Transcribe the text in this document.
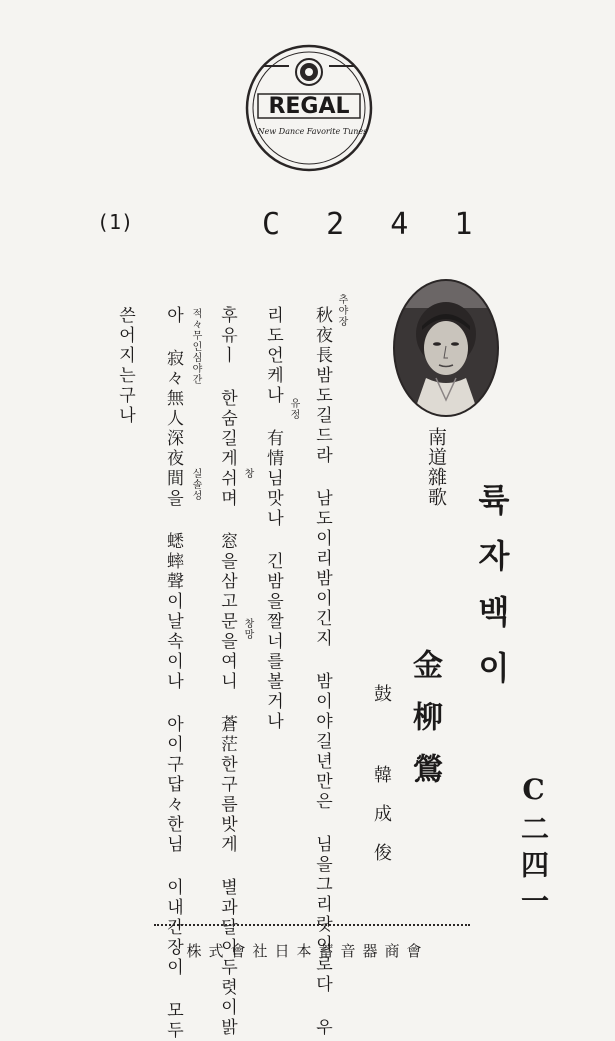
REGAL
New Dance Favorite Tunes
(1)	C 2 4 1
南道雜歌
륙자백이
金柳鶯
鼓 韓成俊	C二四一
秋夜長밤도길드라 남도이리밤이긴지 밤이야길년만은 님을그리랏이로다 우
리도언케나 有情님맛나 긴밤을짤너를볼거나
후유ㅣ 한숨길게쉬며 窓을삼고문을여니 蒼茫한구름밧게 별과달이두렷이밝
아 寂々無人深夜間을 蟋蟀聲이날속이나 아이구답々한님 이내간장이 모두
쓴어지는구나	추야장
유정
창
창망
적々무인심야간
실솔성
株式會社日本蓄音器商會
